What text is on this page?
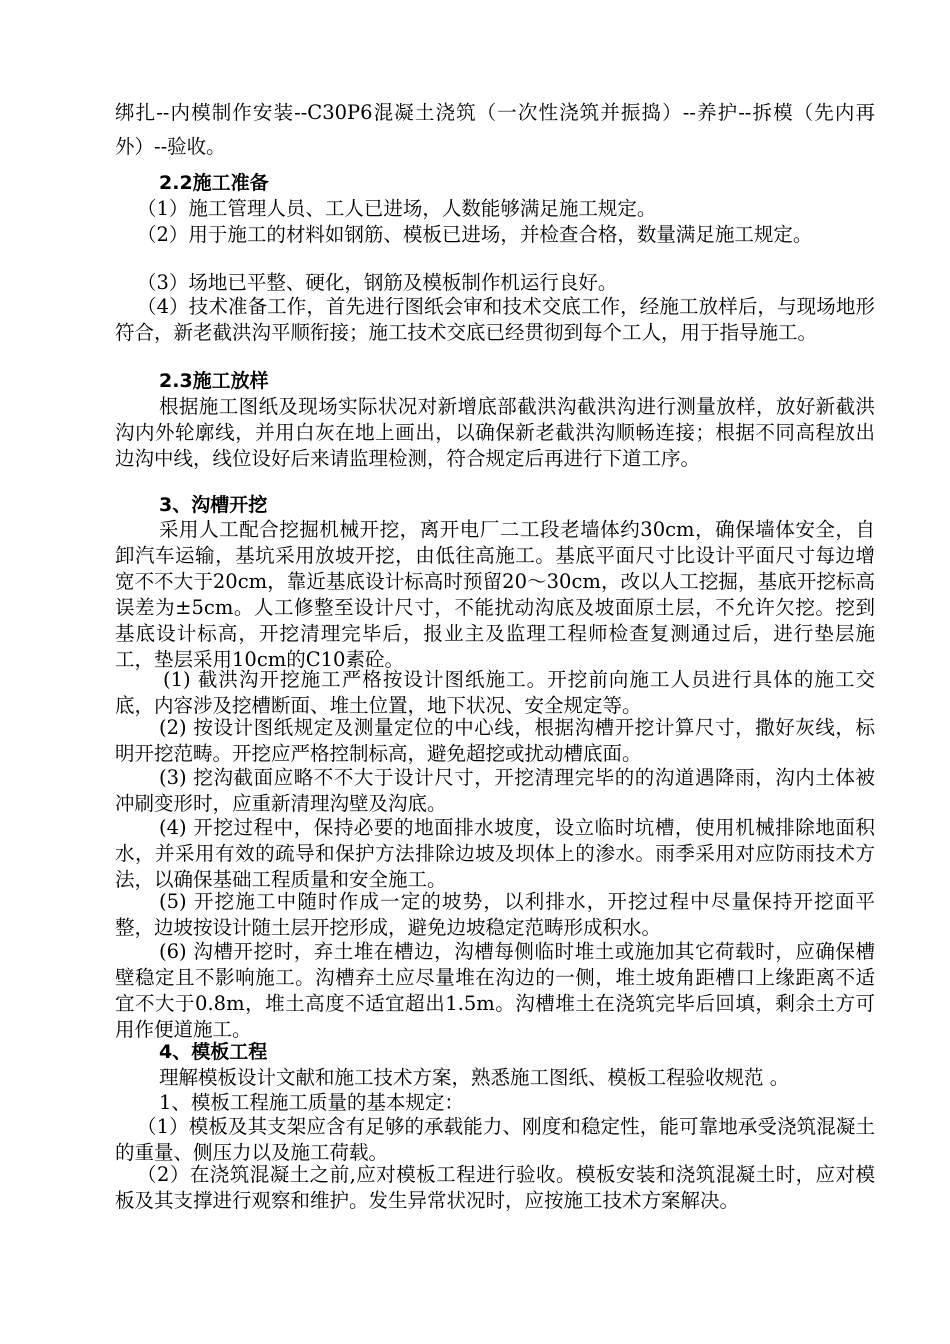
绑扎--内模制作安装--C30P6混凝土浇筑（一次性浇筑并振捣）--养护--拆模（先内再外）--验收。

2.2施工准备

（1）施工管理人员、工人已进场，人数能够满足施工规定。

（2）用于施工的材料如钢筋、模板已进场，并检查合格，数量满足施工规定。

（3）场地已平整、硬化，钢筋及模板制作机运行良好。

（4）技术准备工作，首先进行图纸会审和技术交底工作，经施工放样后，与现场地形符合，新老截洪沟平顺衔接；施工技术交底已经贯彻到每个工人，用于指导施工。

2.3施工放样

根据施工图纸及现场实际状况对新增底部截洪沟截洪沟进行测量放样，放好新截洪沟内外轮廓线，并用白灰在地上画出，以确保新老截洪沟顺畅连接；根据不同高程放出边沟中线，线位设好后来请监理检测，符合规定后再进行下道工序。

3、沟槽开挖

采用人工配合挖掘机械开挖，离开电厂二工段老墙体约30cm，确保墙体安全，自卸汽车运输，基坑采用放坡开挖，由低往高施工。基底平面尺寸比设计平面尺寸每边增宽不不大于20cm，靠近基底设计标高时预留20～30cm，改以人工挖掘，基底开挖标高误差为±5cm。人工修整至设计尺寸，不能扰动沟底及坡面原土层，不允许欠挖。挖到基底设计标高，开挖清理完毕后，报业主及监理工程师检查复测通过后，进行垫层施工，垫层采用10cm的C10素砼。

(1) 截洪沟开挖施工严格按设计图纸施工。开挖前向施工人员进行具体的施工交底，内容涉及挖槽断面、堆土位置，地下状况、安全规定等。

(2) 按设计图纸规定及测量定位的中心线，根据沟槽开挖计算尺寸，撒好灰线，标明开挖范畴。开挖应严格控制标高，避免超挖或扰动槽底面。

(3) 挖沟截面应略不不大于设计尺寸，开挖清理完毕的的沟道遇降雨，沟内土体被冲刷变形时，应重新清理沟壁及沟底。

(4) 开挖过程中，保持必要的地面排水坡度，设立临时坑槽，使用机械排除地面积水，并采用有效的疏导和保护方法排除边坡及坝体上的渗水。雨季采用对应防雨技术方法，以确保基础工程质量和安全施工。

(5) 开挖施工中随时作成一定的坡势，以利排水，开挖过程中尽量保持开挖面平整，边坡按设计随土层开挖形成，避免边坡稳定范畴形成积水。

(6) 沟槽开挖时，弃土堆在槽边，沟槽每侧临时堆土或施加其它荷载时，应确保槽壁稳定且不影响施工。沟槽弃土应尽量堆在沟边的一侧，堆土坡角距槽口上缘距离不适宜不大于0.8m，堆土高度不适宜超出1.5m。沟槽堆土在浇筑完毕后回填，剩余土方可用作便道施工。

4、模板工程

理解模板设计文献和施工技术方案，熟悉施工图纸、模板工程验收规范 。

1、模板工程施工质量的基本规定：

（1）模板及其支架应含有足够的承载能力、刚度和稳定性，能可靠地承受浇筑混凝土的重量、侧压力以及施工荷载。

（2）在浇筑混凝土之前,应对模板工程进行验收。模板安装和浇筑混凝土时，应对模板及其支撑进行观察和维护。发生异常状况时，应按施工技术方案解决。
